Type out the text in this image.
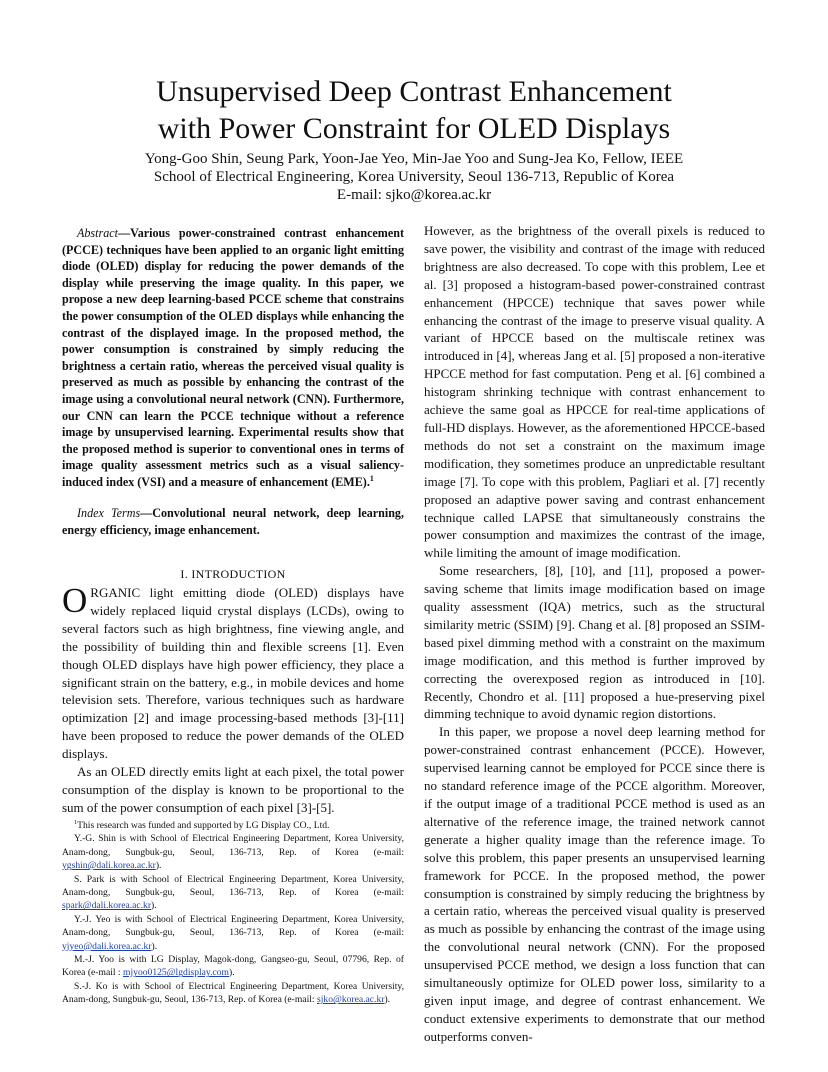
Unsupervised Deep Contrast Enhancement
with Power Constraint for OLED Displays
Yong-Goo Shin, Seung Park, Yoon-Jae Yeo, Min-Jae Yoo and Sung-Jea Ko, Fellow, IEEE
School of Electrical Engineering, Korea University, Seoul 136-713, Republic of Korea
E-mail: sjko@korea.ac.kr
Abstract—Various power-constrained contrast enhancement (PCCE) techniques have been applied to an organic light emitting diode (OLED) display for reducing the power demands of the display while preserving the image quality. In this paper, we propose a new deep learning-based PCCE scheme that constrains the power consumption of the OLED displays while enhancing the contrast of the displayed image. In the proposed method, the power consumption is constrained by simply reducing the brightness a certain ratio, whereas the perceived visual quality is preserved as much as possible by enhancing the contrast of the image using a convolutional neural network (CNN). Furthermore, our CNN can learn the PCCE technique without a reference image by unsupervised learning. Experimental results show that the proposed method is superior to conventional ones in terms of image quality assessment metrics such as a visual saliency-induced index (VSI) and a measure of enhancement (EME).$^1$
Index Terms—Convolutional neural network, deep learning, energy efficiency, image enhancement.
I. INTRODUCTION

ORGANIC light emitting diode (OLED) displays have widely replaced liquid crystal displays (LCDs), owing to several factors such as high brightness, fine viewing angle, and the possibility of building thin and flexible screens [1]. Even though OLED displays have high power efficiency, they place a significant strain on the battery, e.g., in mobile devices and home television sets. Therefore, various techniques such as hardware optimization [2] and image processing-based methods [3]-[11] have been proposed to reduce the power demands of the OLED displays.

As an OLED directly emits light at each pixel, the total power consumption of the display is known to be proportional to the sum of the power consumption of each pixel [3]-[5].

$^1$This research was funded and supported by LG Display CO., Ltd.

Y.-G. Shin is with School of Electrical Engineering Department, Korea University, Anam-dong, Sungbuk-gu, Seoul, 136-713, Rep. of Korea (e-mail: ygshin@dali.korea.ac.kr).

S. Park is with School of Electrical Engineering Department, Korea University, Anam-dong, Sungbuk-gu, Seoul, 136-713, Rep. of Korea (e-mail: spark@dali.korea.ac.kr).

Y.-J. Yeo is with School of Electrical Engineering Department, Korea University, Anam-dong, Sungbuk-gu, Seoul, 136-713, Rep. of Korea (e-mail: yjyeo@dali.korea.ac.kr).

M.-J. Yoo is with LG Display, Magok-dong, Gangseo-gu, Seoul, 07796, Rep. of Korea (e-mail : mjyoo0125@lgdisplay.com).

S.-J. Ko is with School of Electrical Engineering Department, Korea University, Anam-dong, Sungbuk-gu, Seoul, 136-713, Rep. of Korea (e-mail: sjko@korea.ac.kr).

However, as the brightness of the overall pixels is reduced to save power, the visibility and contrast of the image with reduced brightness are also decreased. To cope with this problem, Lee et al. [3] proposed a histogram-based power-constrained contrast enhancement (HPCCE) technique that saves power while enhancing the contrast of the image to preserve visual quality. A variant of HPCCE based on the multiscale retinex was introduced in [4], whereas Jang et al. [5] proposed a non-iterative HPCCE method for fast computation. Peng et al. [6] combined a histogram shrinking technique with contrast enhancement to achieve the same goal as HPCCE for real-time applications of full-HD displays. However, as the aforementioned HPCCE-based methods do not set a constraint on the maximum image modification, they sometimes produce an unpredictable resultant image [7]. To cope with this problem, Pagliari et al. [7] recently proposed an adaptive power saving and contrast enhancement technique called LAPSE that simultaneously constrains the power consumption and maximizes the contrast of the image, while limiting the amount of image modification.

Some researchers, [8], [10], and [11], proposed a power-saving scheme that limits image modification based on image quality assessment (IQA) metrics, such as the structural similarity metric (SSIM) [9]. Chang et al. [8] proposed an SSIM-based pixel dimming method with a constraint on the maximum image modification, and this method is further improved by correcting the overexposed region as introduced in [10]. Recently, Chondro et al. [11] proposed a hue-preserving pixel dimming technique to avoid dynamic region distortions.

In this paper, we propose a novel deep learning method for power-constrained contrast enhancement (PCCE). However, supervised learning cannot be employed for PCCE since there is no standard reference image of the PCCE algorithm. Moreover, if the output image of a traditional PCCE method is used as an alternative of the reference image, the trained network cannot generate a higher quality image than the reference image. To solve this problem, this paper presents an unsupervised learning framework for PCCE. In the proposed method, the power consumption is constrained by simply reducing the brightness by a certain ratio, whereas the perceived visual quality is preserved as much as possible by enhancing the contrast of the image using the convolutional neural network (CNN). For the proposed unsupervised PCCE method, we design a loss function that can simultaneously optimize for OLED power loss, similarity to a given input image, and degree of contrast enhancement. We conduct extensive experiments to demonstrate that our method outperforms conven-
